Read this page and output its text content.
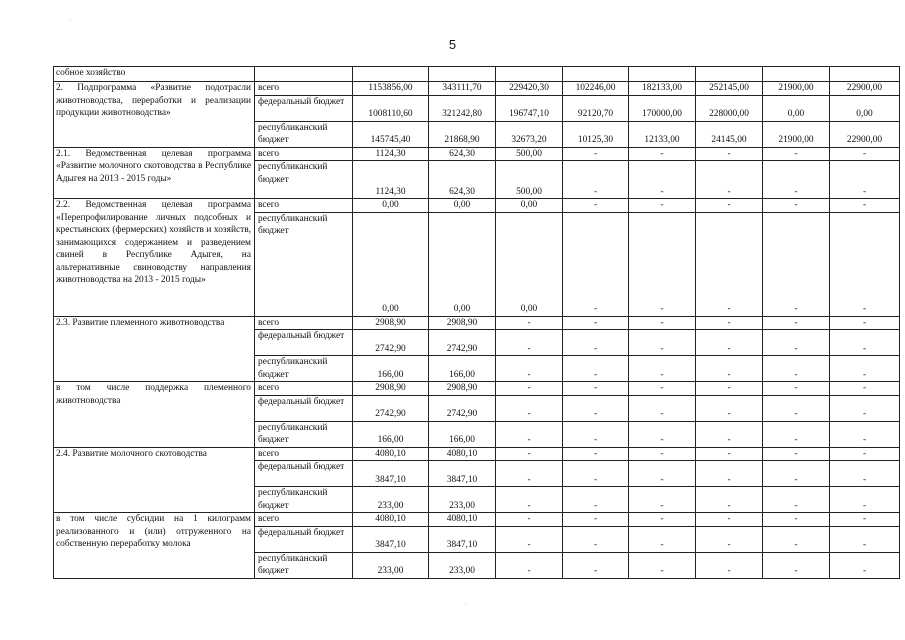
5
собное хозяйство									
2. Подпрограмма «Развитие подотрасли животноводства, переработки и реализации продукции животноводства»	всего	1153856,00	343111,70	229420,30	102246,00	182133,00	252145,00	21900,00	22900,00
	федеральный бюджет	1008110,60	321242,80	196747,10	92120,70	170000,00	228000,00	0,00	0,00
	республиканский бюджет	145745,40	21868,90	32673,20	10125,30	12133,00	24145,00	21900,00	22900,00
2.1. Ведомственная целевая программа «Развитие молочного скотоводства в Республике Адыгея на 2013 - 2015 годы»	всего	1124,30	624,30	500,00	-	-	-	-	-
	республиканский бюджет	1124,30	624,30	500,00	-	-	-	-	-
2.2. Ведомственная целевая программа «Перепрофилирование личных подсобных и крестьянских (фермерских) хозяйств и хозяйств, занимающихся содержанием и разведением свиней в Республике Адыгея, на альтернативные свиноводству направления животноводства на 2013 - 2015 годы»	всего	0,00	0,00	0,00	-	-	-	-	-
	республиканский бюджет	0,00	0,00	0,00	-	-	-	-	-
2.3. Развитие племенного животноводства	всего	2908,90	2908,90	-	-	-	-	-	-
	федеральный бюджет	2742,90	2742,90	-	-	-	-	-	-
	республиканский бюджет	166,00	166,00	-	-	-	-	-	-
в том числе поддержка племенного животноводства	всего	2908,90	2908,90	-	-	-	-	-	-
	федеральный бюджет	2742,90	2742,90	-	-	-	-	-	-
	республиканский бюджет	166,00	166,00	-	-	-	-	-	-
2.4. Развитие молочного скотоводства	всего	4080,10	4080,10	-	-	-	-	-	-
	федеральный бюджет	3847,10	3847,10	-	-	-	-	-	-
	республиканский бюджет	233,00	233,00	-	-	-	-	-	-
в том числе субсидии на 1 килограмм реализованного и (или) отгруженного на собственную переработку молока	всего	4080,10	4080,10	-	-	-	-	-	-
	федеральный бюджет	3847,10	3847,10	-	-	-	-	-	-
	республиканский бюджет	233,00	233,00	-	-	-	-	-	-
